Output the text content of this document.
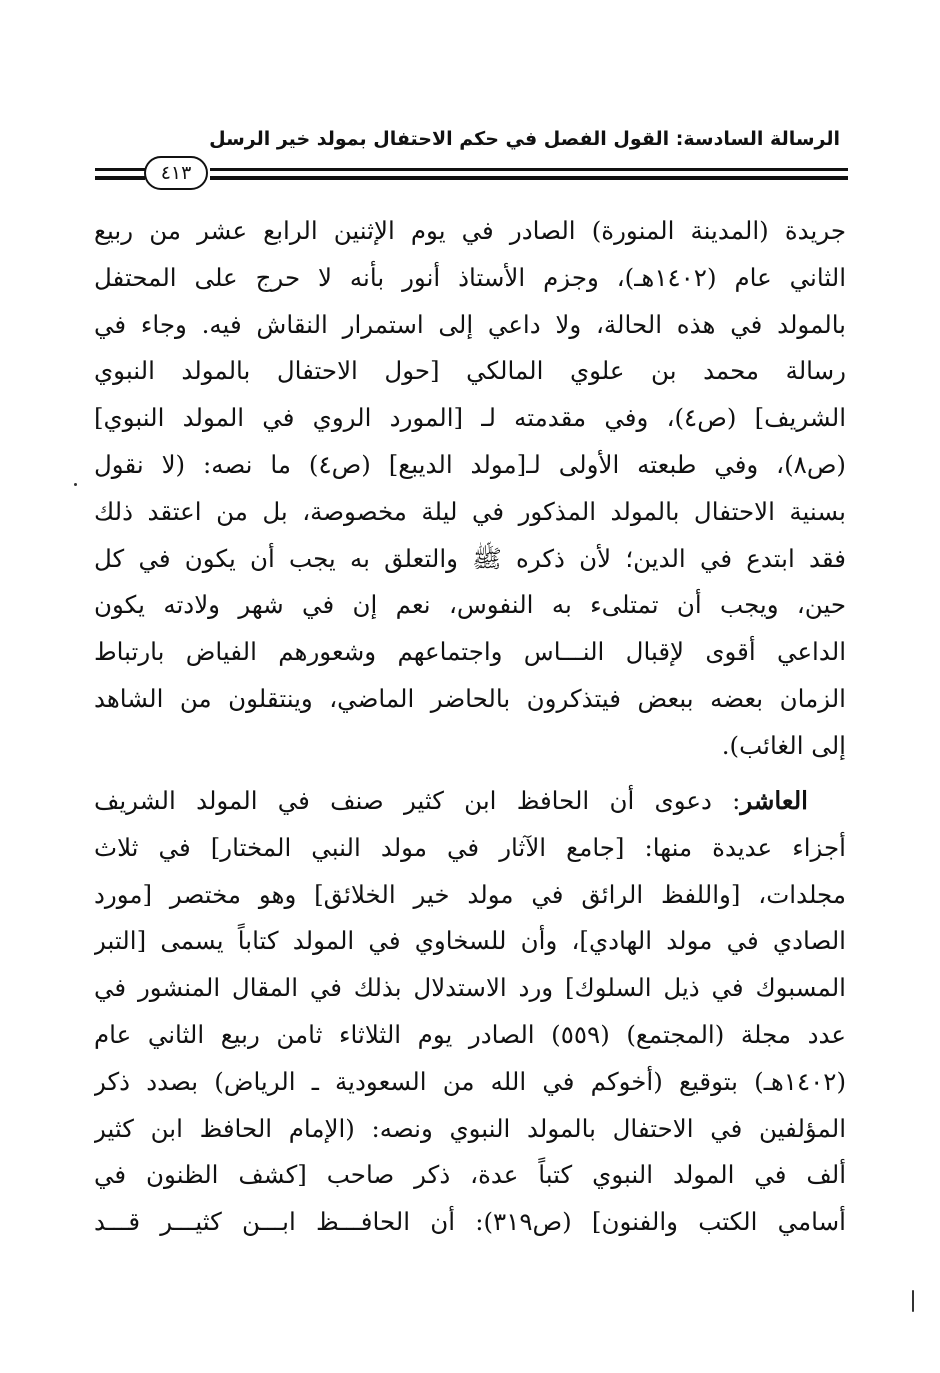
الرسالة السادسة: القول الفصل في حكم الاحتفال بمولد خير الرسل
٤١٣
جريدة (المدينة المنورة) الصادر في يوم الإثنين الرابع عشر من ربيع
الثاني عام (١٤٠٢هـ)، وجزم الأستاذ أنور بأنه لا حرج على المحتفل
بالمولد في هذه الحالة، ولا داعي إلى استمرار النقاش فيه. وجاء في
رسالة محمد بن علوي المالكي [حول الاحتفال بالمولد النبوي
الشريف] (ص٤)، وفي مقدمته لـ [المورد الروي في المولد النبوي]
(ص٨)، وفي طبعته الأولى لـ[مولد الديبع] (ص٤) ما نصه: (لا نقول
بسنية الاحتفال بالمولد المذكور في ليلة مخصوصة، بل من اعتقد ذلك
فقد ابتدع في الدين؛ لأن ذكره ﷺ والتعلق به يجب أن يكون في كل
حين، ويجب أن تمتلىء به النفوس، نعم إن في شهر ولادته يكون
الداعي أقوى لإقبال النـــاس واجتماعهم وشعورهم الفياض بارتباط
الزمان بعضه ببعض فيتذكرون بالحاضر الماضي، وينتقلون من الشاهد
إلى الغائب).
العاشر: دعوى أن الحافظ ابن كثير صنف في المولد الشريف
أجزاء عديدة منها: [جامع الآثار في مولد النبي المختار] في ثلاث
مجلدات، [واللفظ الرائق في مولد خير الخلائق] وهو مختصر [مورد
الصادي في مولد الهادي]، وأن للسخاوي في المولد كتاباً يسمى [التبر
المسبوك في ذيل السلوك] ورد الاستدلال بذلك في المقال المنشور في
عدد مجلة (المجتمع) (٥٥٩) الصادر يوم الثلاثاء ثامن ربيع الثاني عام
(١٤٠٢هـ) بتوقيع (أخوكم في الله من السعودية ـ الرياض) بصدد ذكر
المؤلفين في الاحتفال بالمولد النبوي ونصه: (الإمام الحافظ ابن كثير
ألف في المولد النبوي كتباً عدة، ذكر صاحب [كشف الظنون في
أسامي الكتب والفنون] (ص٣١٩): أن الحافـــظ ابـــن كثيـــر قـــد
